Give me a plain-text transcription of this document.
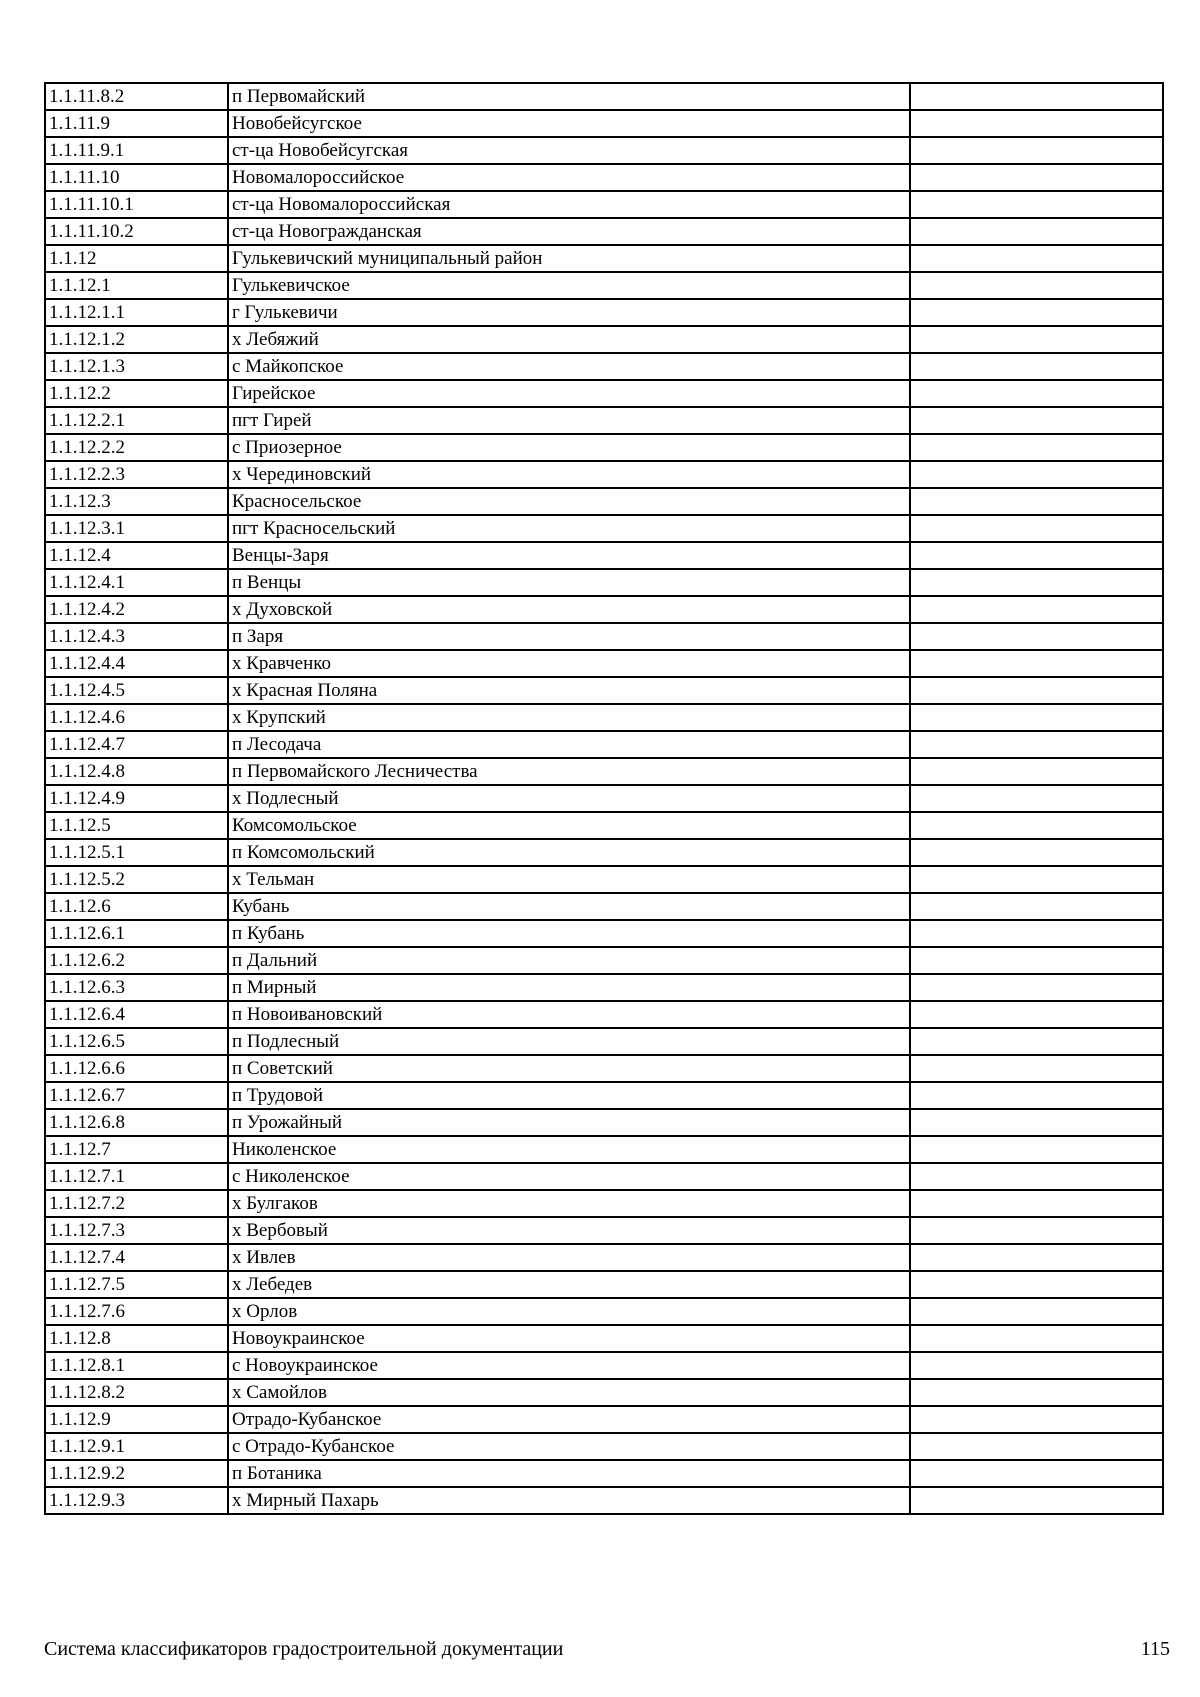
1.1.11.8.2	п Первомайский	
1.1.11.9	Новобейсугское	
1.1.11.9.1	ст-ца Новобейсугская	
1.1.11.10	Новомалороссийское	
1.1.11.10.1	ст-ца Новомалороссийская	
1.1.11.10.2	ст-ца Новогражданская	
1.1.12	Гулькевичский муниципальный район	
1.1.12.1	Гулькевичское	
1.1.12.1.1	г Гулькевичи	
1.1.12.1.2	х Лебяжий	
1.1.12.1.3	с Майкопское	
1.1.12.2	Гирейское	
1.1.12.2.1	пгт Гирей	
1.1.12.2.2	с Приозерное	
1.1.12.2.3	х Черединовский	
1.1.12.3	Красносельское	
1.1.12.3.1	пгт Красносельский	
1.1.12.4	Венцы-Заря	
1.1.12.4.1	п Венцы	
1.1.12.4.2	х Духовской	
1.1.12.4.3	п Заря	
1.1.12.4.4	х Кравченко	
1.1.12.4.5	х Красная Поляна	
1.1.12.4.6	х Крупский	
1.1.12.4.7	п Лесодача	
1.1.12.4.8	п Первомайского Лесничества	
1.1.12.4.9	х Подлесный	
1.1.12.5	Комсомольское	
1.1.12.5.1	п Комсомольский	
1.1.12.5.2	х Тельман	
1.1.12.6	Кубань	
1.1.12.6.1	п Кубань	
1.1.12.6.2	п Дальний	
1.1.12.6.3	п Мирный	
1.1.12.6.4	п Новоивановский	
1.1.12.6.5	п Подлесный	
1.1.12.6.6	п Советский	
1.1.12.6.7	п Трудовой	
1.1.12.6.8	п Урожайный	
1.1.12.7	Николенское	
1.1.12.7.1	с Николенское	
1.1.12.7.2	х Булгаков	
1.1.12.7.3	х Вербовый	
1.1.12.7.4	х Ивлев	
1.1.12.7.5	х Лебедев	
1.1.12.7.6	х Орлов	
1.1.12.8	Новоукраинское	
1.1.12.8.1	с Новоукраинское	
1.1.12.8.2	х Самойлов	
1.1.12.9	Отрадо-Кубанское	
1.1.12.9.1	с Отрадо-Кубанское	
1.1.12.9.2	п Ботаника	
1.1.12.9.3	х Мирный Пахарь	
Система классификаторов градостроительной документации	115
